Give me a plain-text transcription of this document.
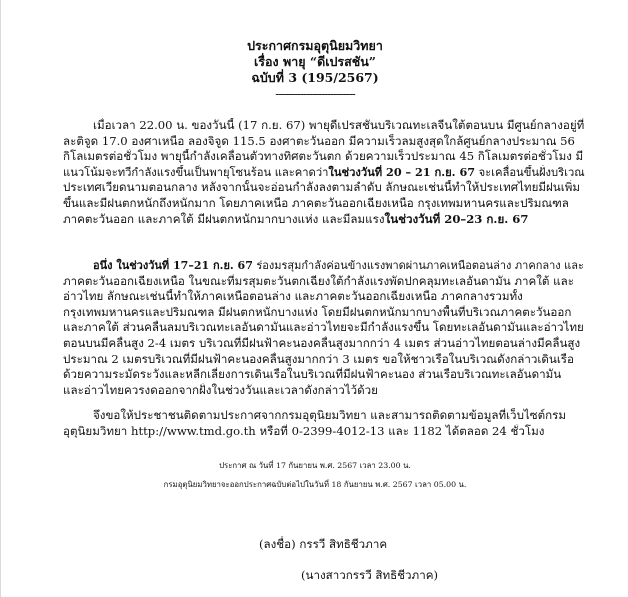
ประกาศกรมอุตุนิยมวิทยา
เรื่อง พายุ “ดีเปรสชัน”
ฉบับที่ 3 (195/2567)
--------------------------
เมื่อเวลา 22.00 น. ของวันนี้ (17 ก.ย. 67) พายุดีเปรสชันบริเวณทะเลจีนใต้ตอนบน มีศูนย์กลางอยู่ที่
ละติจูด 17.0 องศาเหนือ ลองจิจูด 115.5 องศาตะวันออก มีความเร็วลมสูงสุดใกล้ศูนย์กลางประมาณ 56
กิโลเมตรต่อชั่วโมง พายุนี้กำลังเคลื่อนตัวทางทิศตะวันตก ด้วยความเร็วประมาณ 45 กิโลเมตรต่อชั่วโมง มี
แนวโน้มจะทวีกำลังแรงขึ้นเป็นพายุโซนร้อน และคาดว่าในช่วงวันที่ 20 – 21 ก.ย. 67 จะเคลื่อนขึ้นฝั่งบริเวณ
ประเทศเวียดนามตอนกลาง หลังจากนั้นจะอ่อนกำลังลงตามลำดับ ลักษณะเช่นนี้ทำให้ประเทศไทยมีฝนเพิ่ม
ขึ้นและมีฝนตกหนักถึงหนักมาก โดยภาคเหนือ ภาคตะวันออกเฉียงเหนือ กรุงเทพมหานครและปริมณฑล
ภาคตะวันออก และภาคใต้ มีฝนตกหนักมากบางแห่ง และมีลมแรงในช่วงวันที่ 20–23 ก.ย. 67
อนึ่ง ในช่วงวันที่ 17–21 ก.ย. 67 ร่องมรสุมกำลังค่อนข้างแรงพาดผ่านภาคเหนือตอนล่าง ภาคกลาง และ
ภาคตะวันออกเฉียงเหนือ ในขณะที่มรสุมตะวันตกเฉียงใต้กำลังแรงพัดปกคลุมทะเลอันดามัน ภาคใต้ และ
อ่าวไทย ลักษณะเช่นนี้ทำให้ภาคเหนือตอนล่าง และภาคตะวันออกเฉียงเหนือ ภาคกลางรวมทั้ง
กรุงเทพมหานครและปริมณฑล มีฝนตกหนักบางแห่ง โดยมีฝนตกหนักมากบางพื้นที่บริเวณภาคตะวันออก
และภาคใต้ ส่วนคลื่นลมบริเวณทะเลอันดามันและอ่าวไทยจะมีกำลังแรงขึ้น โดยทะเลอันดามันและอ่าวไทย
ตอนบนมีคลื่นสูง 2-4 เมตร บริเวณที่มีฝนฟ้าคะนองคลื่นสูงมากกว่า 4 เมตร ส่วนอ่าวไทยตอนล่างมีคลื่นสูง
ประมาณ 2 เมตรบริเวณที่มีฝนฟ้าคะนองคลื่นสูงมากกว่า 3 เมตร ขอให้ชาวเรือในบริเวณดังกล่าวเดินเรือ
ด้วยความระมัดระวังและหลีกเลี่ยงการเดินเรือในบริเวณที่มีฝนฟ้าคะนอง ส่วนเรือบริเวณทะเลอันดามัน
และอ่าวไทยควรงดออกจากฝั่งในช่วงวันและเวลาดังกล่าวไว้ด้วย
จึงขอให้ประชาชนติดตามประกาศจากกรมอุตุนิยมวิทยา และสามารถติดตามข้อมูลที่เว็บไซต์กรม
อุตุนิยมวิทยา http://www.tmd.go.th หรือที่ 0-2399-4012-13 และ 1182 ได้ตลอด 24 ชั่วโมง
ประกาศ ณ วันที่ 17 กันยายน พ.ศ. 2567 เวลา 23.00 น.
กรมอุตุนิยมวิทยาจะออกประกาศฉบับต่อไปในวันที่ 18 กันยายน พ.ศ. 2567 เวลา 05.00 น.
(ลงชื่อ) กรรวี สิทธิชีวภาค
(นางสาวกรรวี สิทธิชีวภาค)
